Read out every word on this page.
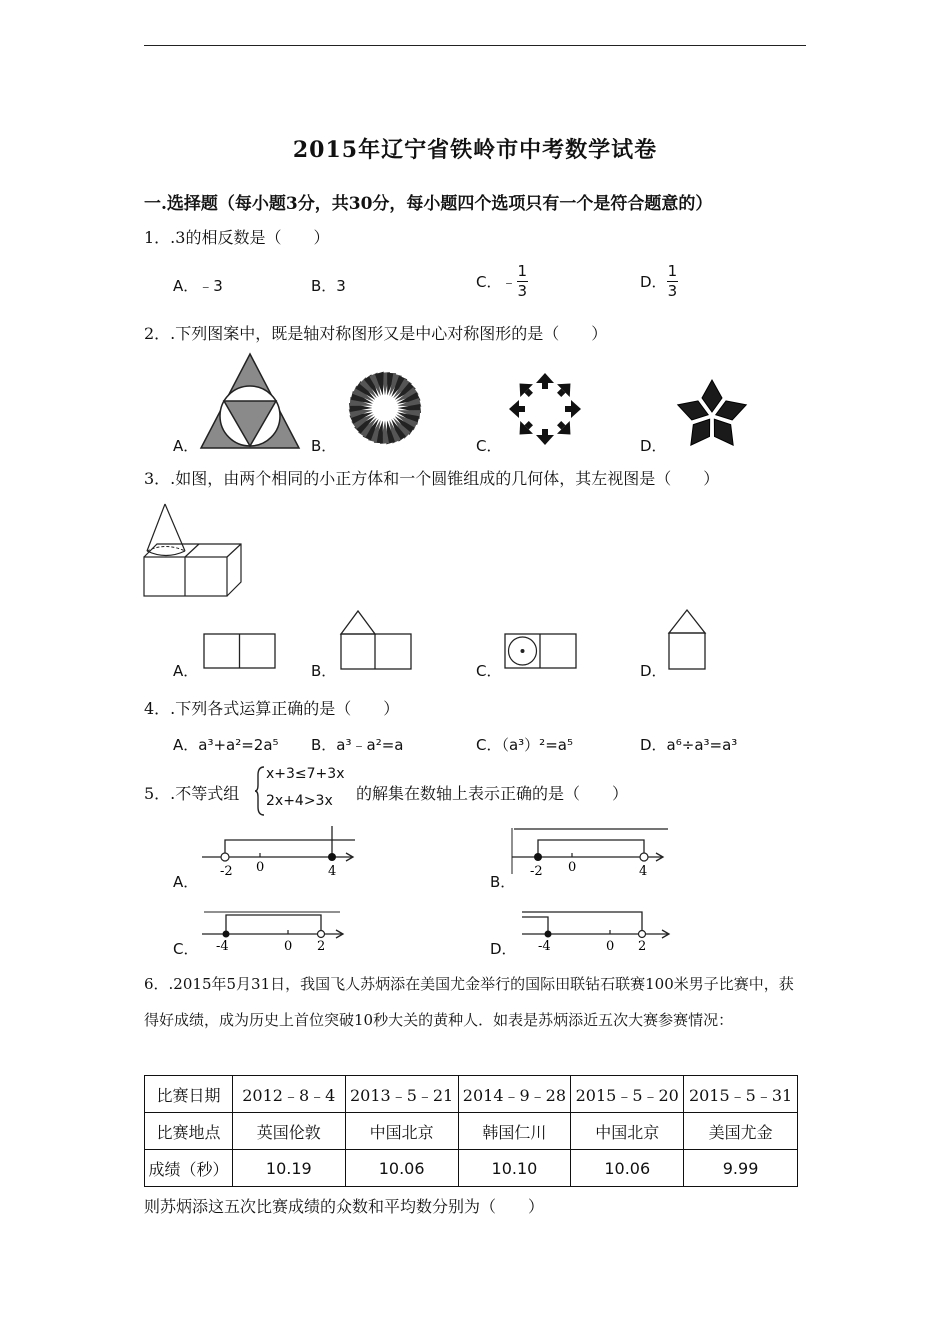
2015年辽宁省铁岭市中考数学试卷
一.选择题（每小题3分，共30分，每小题四个选项只有一个是符合题意的）
1．.3的相反数是（　　）
A．﹣3	B．3	C．﹣ $\frac{1}{3}$	D． $\frac{1}{3}$
2．.下列图案中，既是轴对称图形又是中心对称图形的是（　　）
A．	B．	C．	D．
3．.如图，由两个相同的小正方体和一个圆锥组成的几何体，其左视图是（　　）
A．	B．	C．	D．
4．.下列各式运算正确的是（　　）
A．a³+a²=2a⁵ B．a³﹣a²=a	C．（a³）²=a⁵	D．a⁶÷a³=a³
5．.不等式组
x+3≤7+3x
2x+4>3x 的解集在数轴上表示正确的是（　　）
A．	B．
C．	D．
-2 0	4	-2 0	4
-4	0 2	-4	0 2
6．.2015年5月31日，我国飞人苏炳添在美国尤金举行的国际田联钻石联赛100米男子比赛中，获得好成绩，成为历史上首位突破10秒大关的黄种人．如表是苏炳添近五次大赛参赛情况：
比赛日期	2012﹣8﹣4	2013﹣5﹣21	2014﹣9﹣28	2015﹣5﹣20	2015﹣5﹣31
比赛地点	英国伦敦	中国北京	韩国仁川	中国北京	美国尤金
成绩（秒）	10.19	10.06	10.10	10.06	9.99
则苏炳添这五次比赛成绩的众数和平均数分别为（　　）
